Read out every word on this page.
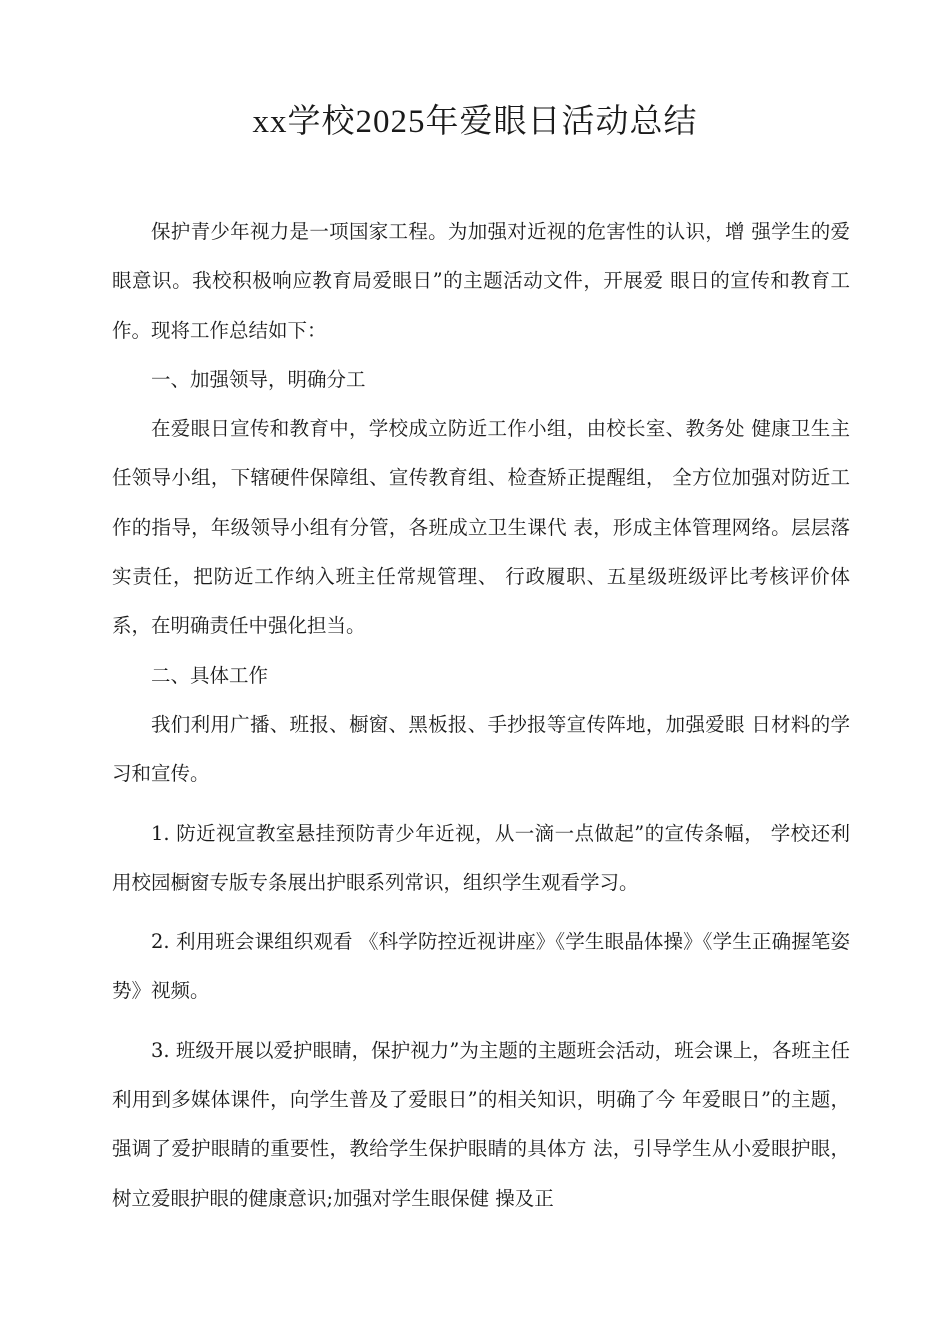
xx学校2025年爱眼日活动总结

保护青少年视力是一项国家工程。为加强对近视的危害性的认识，增 强学生的爱眼意识。我校积极响应教育局爱眼日”的主题活动文件，开展爱 眼日的宣传和教育工作。现将工作总结如下：

一、加强领导，明确分工

在爱眼日宣传和教育中，学校成立防近工作小组，由校长室、教务处 健康卫生主任领导小组，下辖硬件保障组、宣传教育组、检查矫正提醒组， 全方位加强对防近工作的指导，年级领导小组有分管，各班成立卫生课代 表，形成主体管理网络。层层落实责任，把防近工作纳入班主任常规管理、 行政履职、五星级班级评比考核评价体系，在明确责任中强化担当。

二、具体工作

我们利用广播、班报、橱窗、黑板报、手抄报等宣传阵地，加强爱眼 日材料的学习和宣传。

1. 防近视宣教室悬挂预防青少年近视，从一滴一点做起”的宣传条幅， 学校还利用校园橱窗专版专条展出护眼系列常识，组织学生观看学习。

2. 利用班会课组织观看 《科学防控近视讲座》《学生眼晶体操》《学生正确握笔姿势》视频。

3. 班级开展以爱护眼睛，保护视力”为主题的主题班会活动，班会课上，各班主任利用到多媒体课件，向学生普及了爱眼日”的相关知识，明确了今 年爱眼日”的主题，强调了爱护眼睛的重要性，教给学生保护眼睛的具体方 法，引导学生从小爱眼护眼，树立爱眼护眼的健康意识;加强对学生眼保健 操及正
